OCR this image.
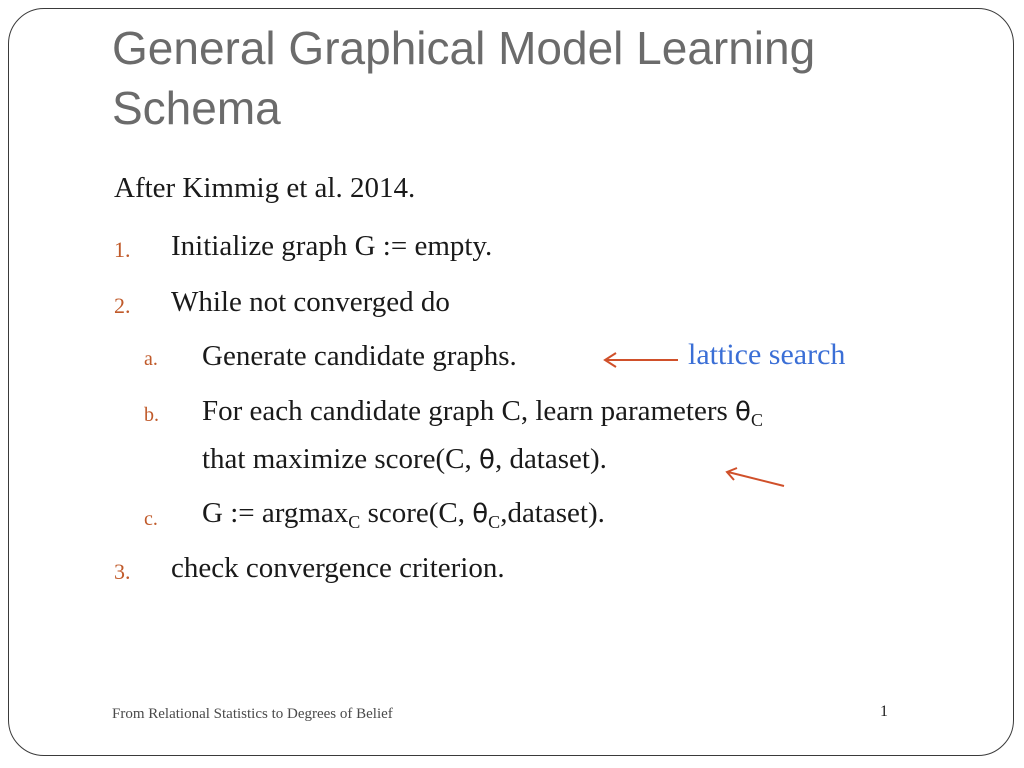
General Graphical Model Learning Schema
After Kimmig et al. 2014.
1. Initialize graph G := empty.
2. While not converged do
a. Generate candidate graphs.	lattice search
b. For each candidate graph C, learn parameters $\theta_C$
that maximize score(C, θ, dataset).
c. G := argmax$_C$ score(C, $\theta_C,dataset$).
3. check convergence criterion.
From Relational Statistics to Degrees of Belief	1
